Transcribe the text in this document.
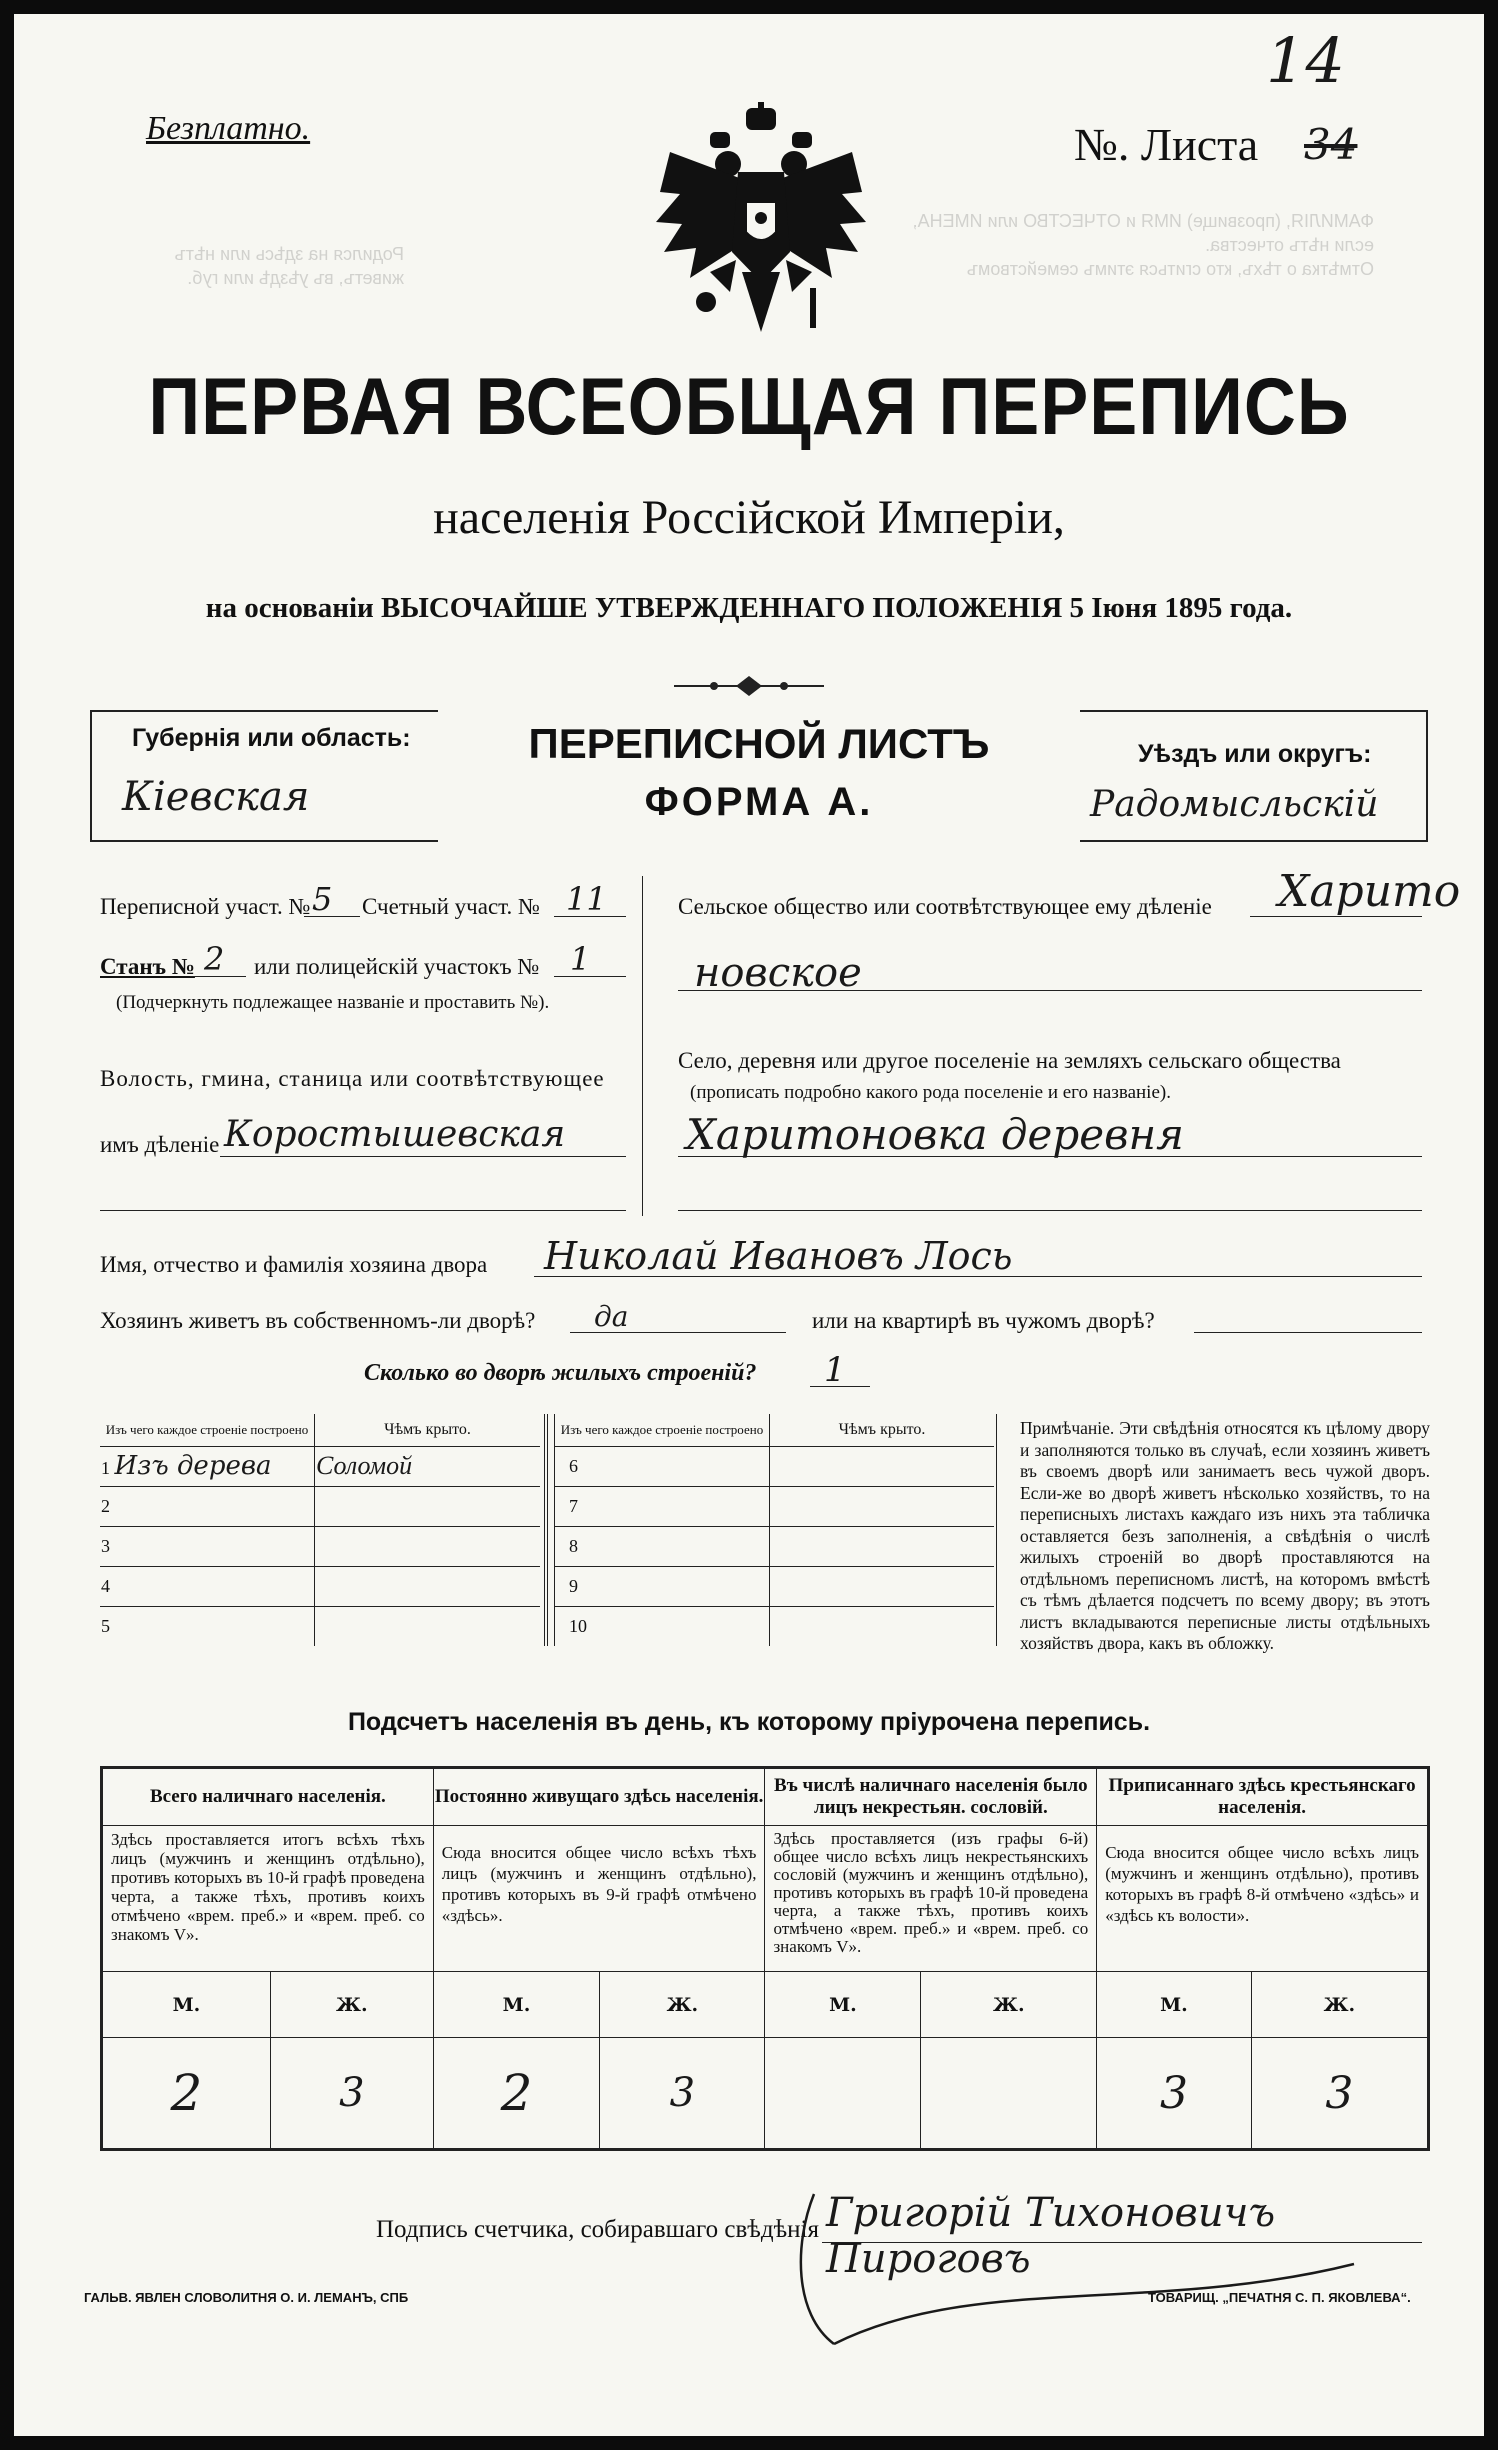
ФАМИЛІЯ, (прозвище) ИМЯ и ОТЧЕСТВО или ИМЕНА, если нѣтъ отчества.
Отмѣтка о тѣхъ, кто сгиться этимъ семействомъ
Родился на здѣсь или нѣтъ
живетъ, въ уѣздѣ или губ.
14
Безплатно.	№. Листа 34
ПЕРВАЯ ВСЕОБЩАЯ ПЕРЕПИСЬ
населенія Россійской Имперіи,
на основаніи ВЫСОЧАЙШЕ УТВЕРЖДЕННАГО ПОЛОЖЕНІЯ 5 Іюня 1895 года.
Губернія или область:
Кіевская
ПЕРЕПИСНОЙ ЛИСТЪ
ФОРМА А.
Уѣздъ или округъ:
Радомысльскій
Переписной участ. № 5 Счетный участ. № 11
Станъ № 2 или полицейскій участокъ № 1
(Подчеркнуть подлежащее названіе и проставить №).
Волость, гмина, станица или соотвѣтствующее
имъ дѣленіе Коростышевская
Сельское общество или соотвѣтствующее ему дѣленіе Харито
новское
Село, деревня или другое поселеніе на земляхъ сельскаго общества
(прописать подробно какого рода поселеніе и его названіе).
Харитоновка деревня
Имя, отчество и фамилія хозяина двора Николай Ивановъ Лось
Хозяинъ живетъ въ собственномъ-ли дворѣ? да	или на квартирѣ въ чужомъ дворѣ?
Сколько во дворѣ жилыхъ строеній? 1
Изъ чего каждое строеніе построено	Чѣмъ крыто.
1 Изъ дерева	Соломой
2	
3	
4	
5	
Изъ чего каждое строеніе построено	Чѣмъ крыто.
6	
7	
8	
9	
10	
Примѣчаніе. Эти свѣдѣнія относятся къ цѣлому двору и заполняются только въ случаѣ, если хозяинъ живетъ въ своемъ дворѣ или занимаетъ весь чужой дворъ. Если-же во дворѣ живетъ нѣсколько хозяйствъ, то на переписныхъ листахъ каждаго изъ нихъ эта табличка оставляется безъ заполненія, а свѣдѣнія о числѣ жилыхъ строеній во дворѣ проставляются на отдѣльномъ переписномъ листѣ, на которомъ вмѣстѣ съ тѣмъ дѣлается подсчетъ по всему двору; въ этотъ листъ вкладываются переписные листы отдѣльныхъ хозяйствъ двора, какъ въ обложку.
Подсчетъ населенія въ день, къ которому пріурочена перепись.
Всего наличнаго населенія.		Постоянно живущаго здѣсь населенія.		Въ числѣ наличнаго населенія было лицъ некрестьян. сословій.		Приписаннаго здѣсь крестьянскаго населенія.	
Здѣсь проставляется итогъ всѣхъ тѣхъ лицъ (мужчинъ и женщинъ отдѣльно), противъ которыхъ въ 10-й графѣ проведена черта, а также тѣхъ, противъ коихъ отмѣчено «врем. преб.» и «врем. преб. со знакомъ V».		Сюда вносится общее число всѣхъ тѣхъ лицъ (мужчинъ и женщинъ отдѣльно), противъ которыхъ въ 9-й графѣ отмѣчено «здѣсь».		Здѣсь проставляется (изъ графы 6-й) общее число всѣхъ лицъ некрестьянскихъ сословій (мужчинъ и женщинъ отдѣльно), противъ которыхъ въ графѣ 10-й проведена черта, а также тѣхъ, противъ коихъ отмѣчено «врем. преб.» и «врем. преб. со знакомъ V».		Сюда вносится общее число всѣхъ лицъ (мужчинъ и женщинъ отдѣльно), противъ которыхъ въ графѣ 8-й отмѣчено «здѣсь» и «здѣсь къ волости».	
М.	Ж.	М.	Ж.	М.	Ж.	М.	Ж.
2	3	2	3			3	3
Подпись счетчика, собиравшаго свѣдѣнія Григорій Тихоновичъ Пироговъ
ГАЛЬВ. ЯВЛЕН СЛОВОЛИТНЯ О. И. ЛЕМАНЪ, СПБ	ТОВАРИЩ. „ПЕЧАТНЯ С. П. ЯКОВЛЕВА“.
